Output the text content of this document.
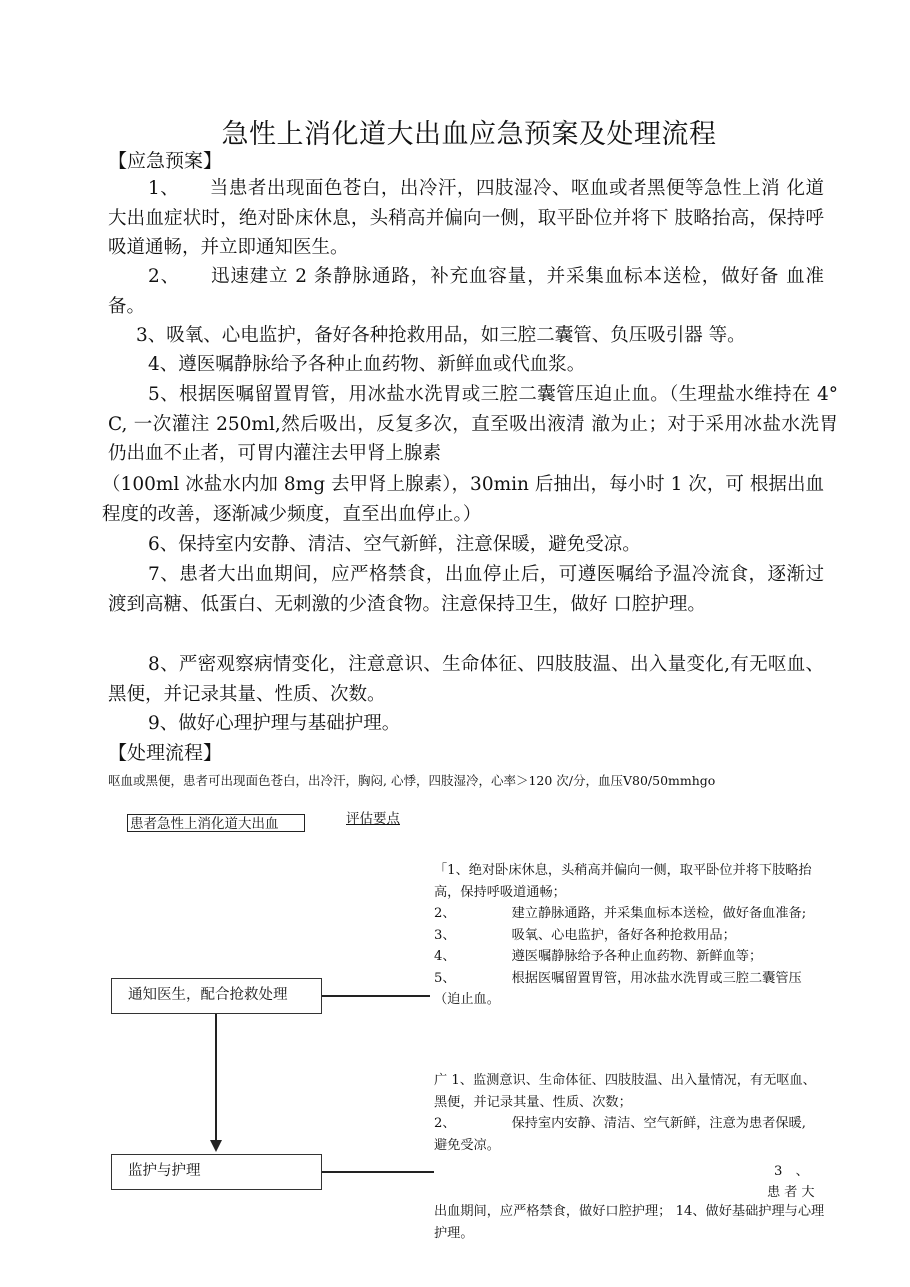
急性上消化道大出血应急预案及处理流程
【应急预案】
1、 当患者出现面色苍白，出冷汗，四肢湿冷、呕血或者黑便等急性上消 化道大出血症状时，绝对卧床休息，头稍高并偏向一侧，取平卧位并将下 肢略抬高，保持呼吸道通畅，并立即通知医生。
2、 迅速建立 2 条静脉通路，补充血容量，并采集血标本送检，做好备 血准备。
3、吸氧、心电监护，备好各种抢救用品，如三腔二囊管、负压吸引器 等。
4、遵医嘱静脉给予各种止血药物、新鲜血或代血浆。
5、根据医嘱留置胃管，用冰盐水洗胃或三腔二囊管压迫止血。（生理盐水维持在 4° C, 一次灌注 250ml,然后吸出，反复多次，直至吸出液清 澈为止；对于采用冰盐水洗胃仍出血不止者，可胃内灌注去甲肾上腺素
（100ml 冰盐水内加 8mg 去甲肾上腺素），30min 后抽出，每小时 1 次，可 根据出血程度的改善，逐渐减少频度，直至出血停止。）
6、保持室内安静、清洁、空气新鲜，注意保暖，避免受凉。
7、患者大出血期间，应严格禁食，出血停止后，可遵医嘱给予温冷流食，逐渐过渡到高糖、低蛋白、无刺激的少渣食物。注意保持卫生，做好 口腔护理。
8、严密观察病情变化，注意意识、生命体征、四肢肢温、出入量变化,有无呕血、黑便，并记录其量、性质、次数。
9、做好心理护理与基础护理。
【处理流程】
呕血或黑便，患者可出现面色苍白，出冷汗，胸闷, 心悸，四肢湿冷，心率＞120 次/分，血压Ⅴ80/50mmhgo
评估要点
患者急性上消化道大出血
通知医生，配合抢救处理
监护与护理
「1、绝对卧床休息，头稍高并偏向一侧，取平卧位并将下肢略抬高，保持呼吸道通畅；
2、	建立静脉通路，并采集血标本送检，做好备血准备;
3、	吸氧、心电监护，备好各种抢救用品；
4、	遵医嘱静脉给予各种止血药物、新鲜血等；
5、	根据医嘱留置胃管，用冰盐水洗胃或三腔二囊管压 （迫止血。
广 1、监测意识、生命体征、四肢肢温、出入量情况，有无呕血、黑便，并记录其量、性质、次数；
2、	保持室内安静、清洁、空气新鲜，注意为患者保暖, 避免受凉。
3　、
患者大
出血期间，应严格禁食，做好口腔护理； 14、做好基础护理与心理护理。
